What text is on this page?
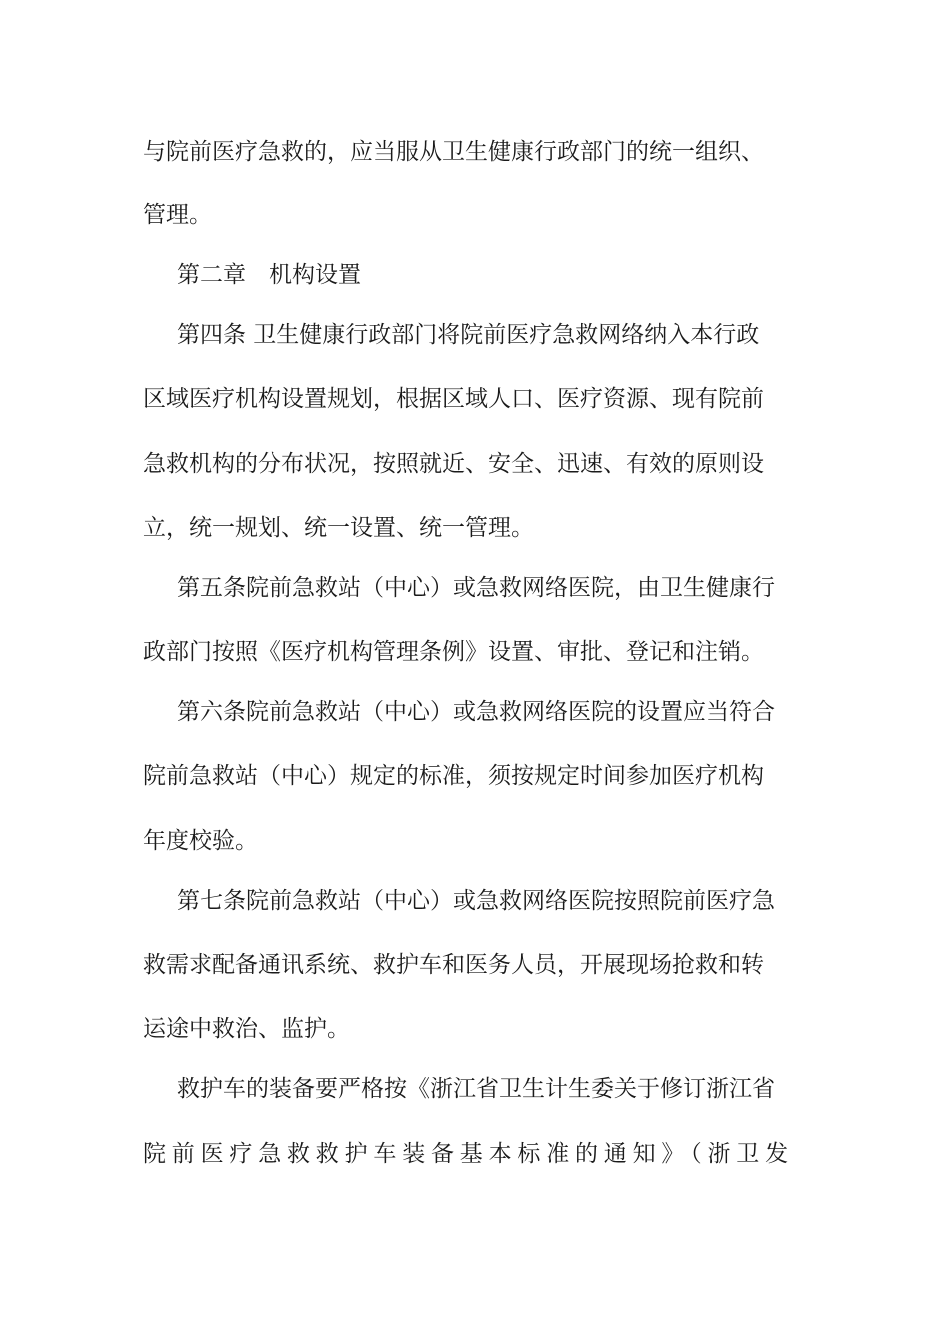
与院前医疗急救的，应当服从卫生健康行政部门的统一组织、
管理。
第二章　机构设置
第四条 卫生健康行政部门将院前医疗急救网络纳入本行政
区域医疗机构设置规划，根据区域人口、医疗资源、现有院前
急救机构的分布状况，按照就近、安全、迅速、有效的原则设
立，统一规划、统一设置、统一管理。
第五条院前急救站（中心）或急救网络医院，由卫生健康行
政部门按照《医疗机构管理条例》设置、审批、登记和注销。
第六条院前急救站（中心）或急救网络医院的设置应当符合
院前急救站（中心）规定的标准，须按规定时间参加医疗机构
年度校验。
第七条院前急救站（中心）或急救网络医院按照院前医疗急
救需求配备通讯系统、救护车和医务人员，开展现场抢救和转
运途中救治、监护。
救护车的装备要严格按《浙江省卫生计生委关于修订浙江省
院前医疗急救救护车装备基本标准的通知》（浙卫发
